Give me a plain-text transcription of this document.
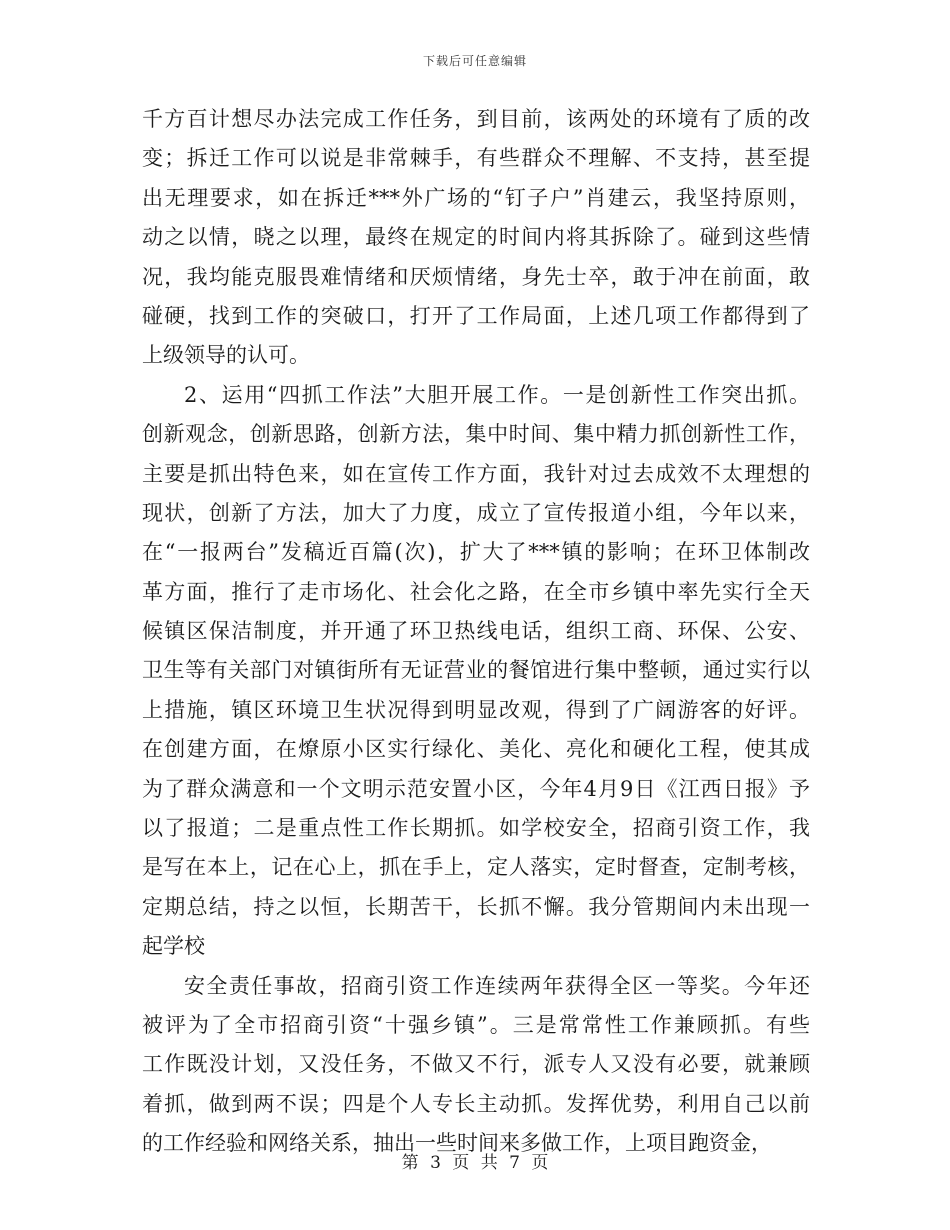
下载后可任意编辑
千方百计想尽办法完成工作任务，到目前，该两处的环境有了质的改
变；拆迁工作可以说是非常棘手，有些群众不理解、不支持，甚至提
出无理要求，如在拆迁***外广场的“钉子户”肖建云，我坚持原则，
动之以情，晓之以理，最终在规定的时间内将其拆除了。碰到这些情
况，我均能克服畏难情绪和厌烦情绪，身先士卒，敢于冲在前面，敢
碰硬，找到工作的突破口，打开了工作局面，上述几项工作都得到了
上级领导的认可。
2、运用“四抓工作法”大胆开展工作。一是创新性工作突出抓。
创新观念，创新思路，创新方法，集中时间、集中精力抓创新性工作，
主要是抓出特色来，如在宣传工作方面，我针对过去成效不太理想的
现状，创新了方法，加大了力度，成立了宣传报道小组，今年以来，
在“一报两台”发稿近百篇(次)，扩大了***镇的影响；在环卫体制改
革方面，推行了走市场化、社会化之路，在全市乡镇中率先实行全天
候镇区保洁制度，并开通了环卫热线电话，组织工商、环保、公安、
卫生等有关部门对镇街所有无证营业的餐馆进行集中整顿，通过实行以
上措施，镇区环境卫生状况得到明显改观，得到了广阔游客的好评。
在创建方面，在燎原小区实行绿化、美化、亮化和硬化工程，使其成
为了群众满意和一个文明示范安置小区，今年4月9日《江西日报》予
以了报道；二是重点性工作长期抓。如学校安全，招商引资工作，我
是写在本上，记在心上，抓在手上，定人落实，定时督查，定制考核，
定期总结，持之以恒，长期苦干，长抓不懈。我分管期间内未出现一
起学校
安全责任事故，招商引资工作连续两年获得全区一等奖。今年还
被评为了全市招商引资“十强乡镇”。三是常常性工作兼顾抓。有些
工作既没计划，又没任务，不做又不行，派专人又没有必要，就兼顾
着抓，做到两不误；四是个人专长主动抓。发挥优势，利用自己以前
的工作经验和网络关系，抽出一些时间来多做工作，上项目跑资金，
第 3 页 共 7 页
